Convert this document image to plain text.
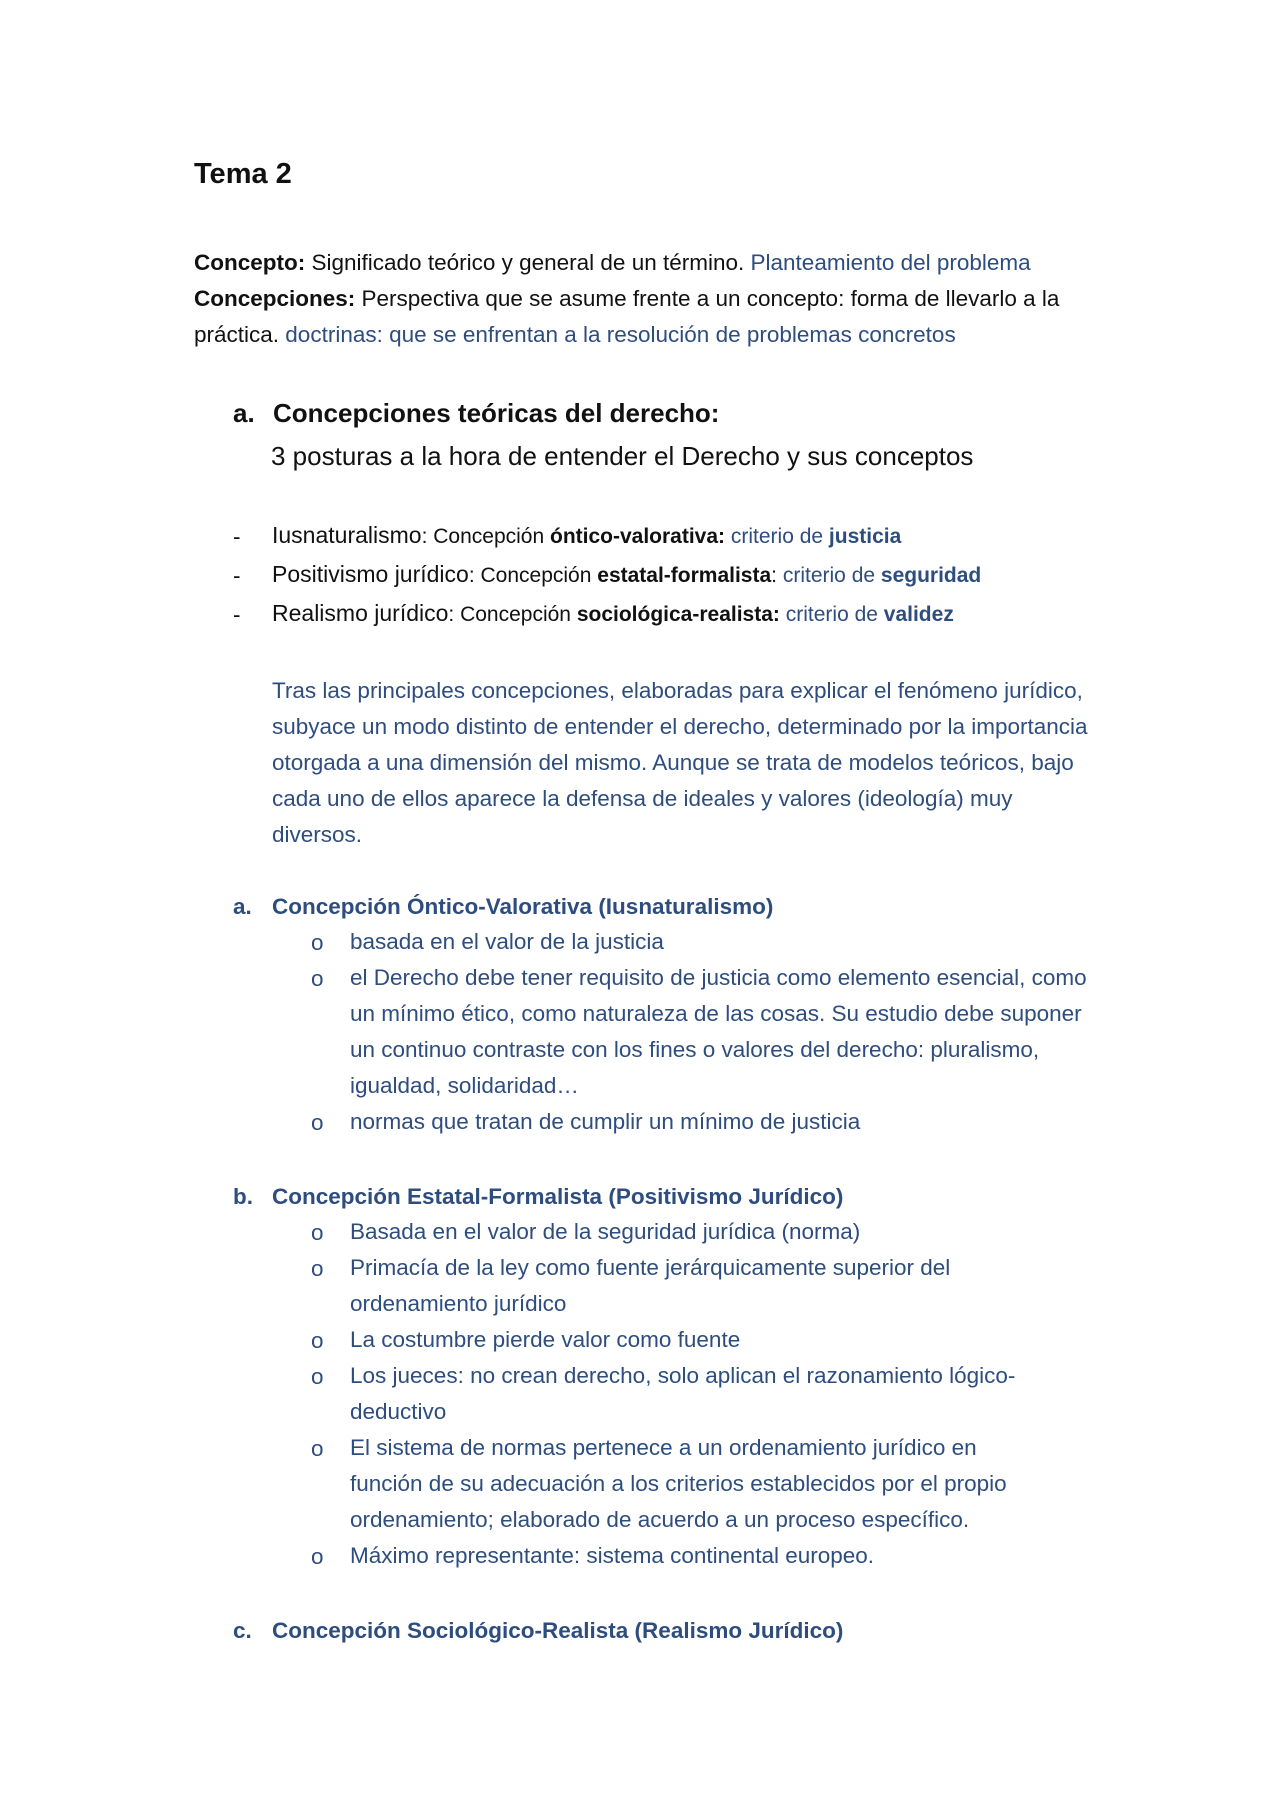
Tema 2
Concepto: Significado teórico y general de un término. Planteamiento del problema
Concepciones: Perspectiva que se asume frente a un concepto: forma de llevarlo a la
práctica. doctrinas: que se enfrentan a la resolución de problemas concretos
a. Concepciones teóricas del derecho:
3 posturas a la hora de entender el Derecho y sus conceptos
- Iusnaturalismo: Concepción óntico-valorativa: criterio de justicia
- Positivismo jurídico: Concepción estatal-formalista: criterio de seguridad
- Realismo jurídico: Concepción sociológica-realista: criterio de validez
Tras las principales concepciones, elaboradas para explicar el fenómeno jurídico, subyace un modo distinto de entender el derecho, determinado por la importancia otorgada a una dimensión del mismo. Aunque se trata de modelos teóricos, bajo cada uno de ellos aparece la defensa de ideales y valores (ideología) muy diversos.
a. Concepción Óntico-Valorativa (Iusnaturalismo)
o basada en el valor de la justicia
o el Derecho debe tener requisito de justicia como elemento esencial, como un mínimo ético, como naturaleza de las cosas. Su estudio debe suponer un continuo contraste con los fines o valores del derecho: pluralismo, igualdad, solidaridad…
o normas que tratan de cumplir un mínimo de justicia
b. Concepción Estatal-Formalista (Positivismo Jurídico)
o Basada en el valor de la seguridad jurídica (norma)
o Primacía de la ley como fuente jerárquicamente superior del ordenamiento jurídico
o La costumbre pierde valor como fuente
o Los jueces: no crean derecho, solo aplican el razonamiento lógico-deductivo
o El sistema de normas pertenece a un ordenamiento jurídico en función de su adecuación a los criterios establecidos por el propio ordenamiento; elaborado de acuerdo a un proceso específico.
o Máximo representante: sistema continental europeo.
c. Concepción Sociológico-Realista (Realismo Jurídico)
